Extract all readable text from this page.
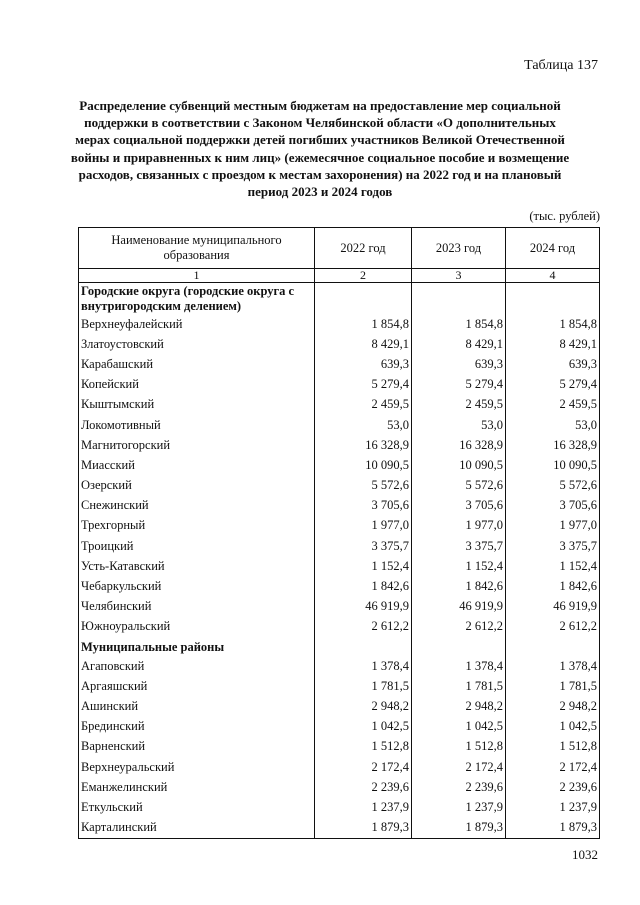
Таблица 137
Распределение субвенций местным бюджетам на предоставление мер социальной поддержки в соответствии с Законом Челябинской области «О дополнительных мерах социальной поддержки детей погибших участников Великой Отечественной войны и приравненных к ним лиц» (ежемесячное социальное пособие и возмещение расходов, связанных с проездом к местам захоронения) на 2022 год и на плановый период 2023 и 2024 годов
(тыс. рублей)
Наименование муниципального образования	2022 год	2023 год	2024 год
1	2	3	4
Городские округа (городские округа с внутригородским делением)			
Верхнеуфалейский	1 854,8	1 854,8	1 854,8
Златоустовский	8 429,1	8 429,1	8 429,1
Карабашский	639,3	639,3	639,3
Копейский	5 279,4	5 279,4	5 279,4
Кыштымский	2 459,5	2 459,5	2 459,5
Локомотивный	53,0	53,0	53,0
Магнитогорский	16 328,9	16 328,9	16 328,9
Миасский	10 090,5	10 090,5	10 090,5
Озерский	5 572,6	5 572,6	5 572,6
Снежинский	3 705,6	3 705,6	3 705,6
Трехгорный	1 977,0	1 977,0	1 977,0
Троицкий	3 375,7	3 375,7	3 375,7
Усть-Катавский	1 152,4	1 152,4	1 152,4
Чебаркульский	1 842,6	1 842,6	1 842,6
Челябинский	46 919,9	46 919,9	46 919,9
Южноуральский	2 612,2	2 612,2	2 612,2
Муниципальные районы			
Агаповский	1 378,4	1 378,4	1 378,4
Аргаяшский	1 781,5	1 781,5	1 781,5
Ашинский	2 948,2	2 948,2	2 948,2
Брединский	1 042,5	1 042,5	1 042,5
Варненский	1 512,8	1 512,8	1 512,8
Верхнеуральский	2 172,4	2 172,4	2 172,4
Еманжелинский	2 239,6	2 239,6	2 239,6
Еткульский	1 237,9	1 237,9	1 237,9
Карталинский	1 879,3	1 879,3	1 879,3
1032
